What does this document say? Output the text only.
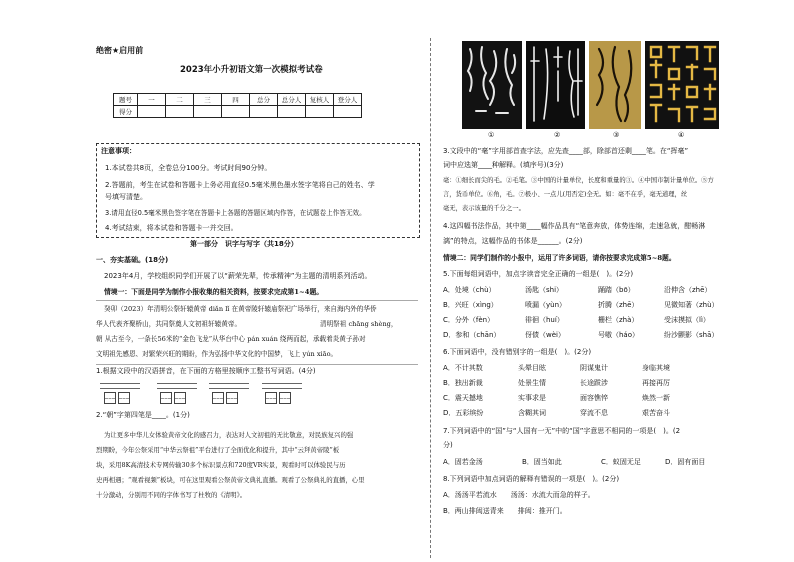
绝密★启用前
2023年小升初语文第一次模拟考试卷
题号	一	二	三	四	总分	总分人	复核人	登分人
得分								
注意事项：
1.本试卷共8页，全卷总分100分。考试时间90分钟。
2.答题前，考生在试卷和答题卡上务必用直径0.5毫米黑色墨水签字笔将自己的姓名、学
号填写清楚。
3.请用直径0.5毫米黑色签字笔在答题卡上各题的答题区域内作答，在试题卷上作答无效。
4.考试结束，将本试卷和答题卡一并交回。
第一部分　识字与写字（共18分）
一、夯实基础。(18分)
2023年4月，学校组织同学们开展了以“薪荣先辈，传承精神”为主题的清明系列活动。
情境一：下面是同学为制作小报收集的相关资料，按要求完成第1~4题。
癸卯（2023）年清明公祭轩辕黄帝 diǎn lǐ 在黄帝陵轩辕庙祭祀广场举行，来自海内外的华侨
华人代表齐聚桥山，共同祭奠人文初祖轩辕黄帝。	清明祭祖 chāng shèng，
朝 从古至今，一条长56米的“金色飞龙”从华台中心 pán xuán 绕两而起，承载着炎黄子孙对
文明祖先感恩、对繁荣兴旺的期盼，作为弘扬中华文化的中国梦，飞上 yún xiāo。
1.根据文段中的汉语拼音，在下面的方格里按顺序工整书写词语。(4分)
2.“朝”字第四笔是____。(1分)
为让更多中华儿女体验黄帝文化的感召力，表达对人文初祖的无比敬意，对民族复兴的强
烈期盼，今年公祭采用“中华云祭祖”平台进行了全面优化和提升，其中“云拜黄帝陵”板
块，采用8K高清技术专网传输30多个标识景点和720度VR实景，观看时可以体验民与历
史再相遇；“观看视频”板块，可在这里观看公祭黄帝文典礼直播。观看了公祭典礼的直播，心里
十分激动，分别用不同的字体书写了杜牧的《清明》。
①	②	③	④
3.文段中的“毫”字用部首查字法，应先查____部，除部首还剩____笔。在“挥毫”
词中应选第____种解释。(填序号)(3分)
毫：①细长而尖的毛。②毛笔。③中国的计量单位，长度和重量的③。④中国市制计量单位。⑤方
言，货币单位。⑥角，毛。⑦极小、一点儿(用否定)全无。如：毫不在乎，毫无道理，丝
毫无，表示该量的千分之一。
4.这四幅书法作品，其中第____幅作品具有“笔意奔放，体势连绵，走速急就，酣畅淋
漓”的特点，这幅作品的书体是______。(2分)
情境二：同学们制作的小报中，运用了许多词语，请你按要求完成第5~8题。
5.下面每组词语中，加点字读音完全正确的一组是(　)。(2分)
A．处境（chù）	汤匙（shi）	踊踏（bō）	沿伸含（zhē）
B．兴旺（xìng）	喷漏（yùn）	折腾（zhē）	见微知著（zhù）
C．分外（fèn）	徘徊（huí）	栅栏（zhà）	受沫摸拟（lì）
D．参和（chān）	伢债（wèi）	号嗷（háo）	纷沙颤影（shā）
6.下面词语中，没有错别字的一组是(　)。(2分)
A．不计其数	头晕目眩	阴谋鬼计	身临其境
B．独出新裁	处景生情	长途跋涉	再接再厉
C．震天撼地	实事求是	面容憔悴	焕然一新
D．五彩缤纷	含糊其词	穿流不息	艰苦奋斗
7.下列词语中的“国”与“人国有一无”中的“国”字意思不相同的一项是(　)。(2
分)
A．固若金汤	B．固当如此	C．蚁固无足	D．固有面目
8.下列词语中加点词语的解释有错误的一项是(　)。(2分)
A．汤汤平若流水　　汤汤：水流大而急的样子。
B．两山排闼送青来　　排闼：推开门。
